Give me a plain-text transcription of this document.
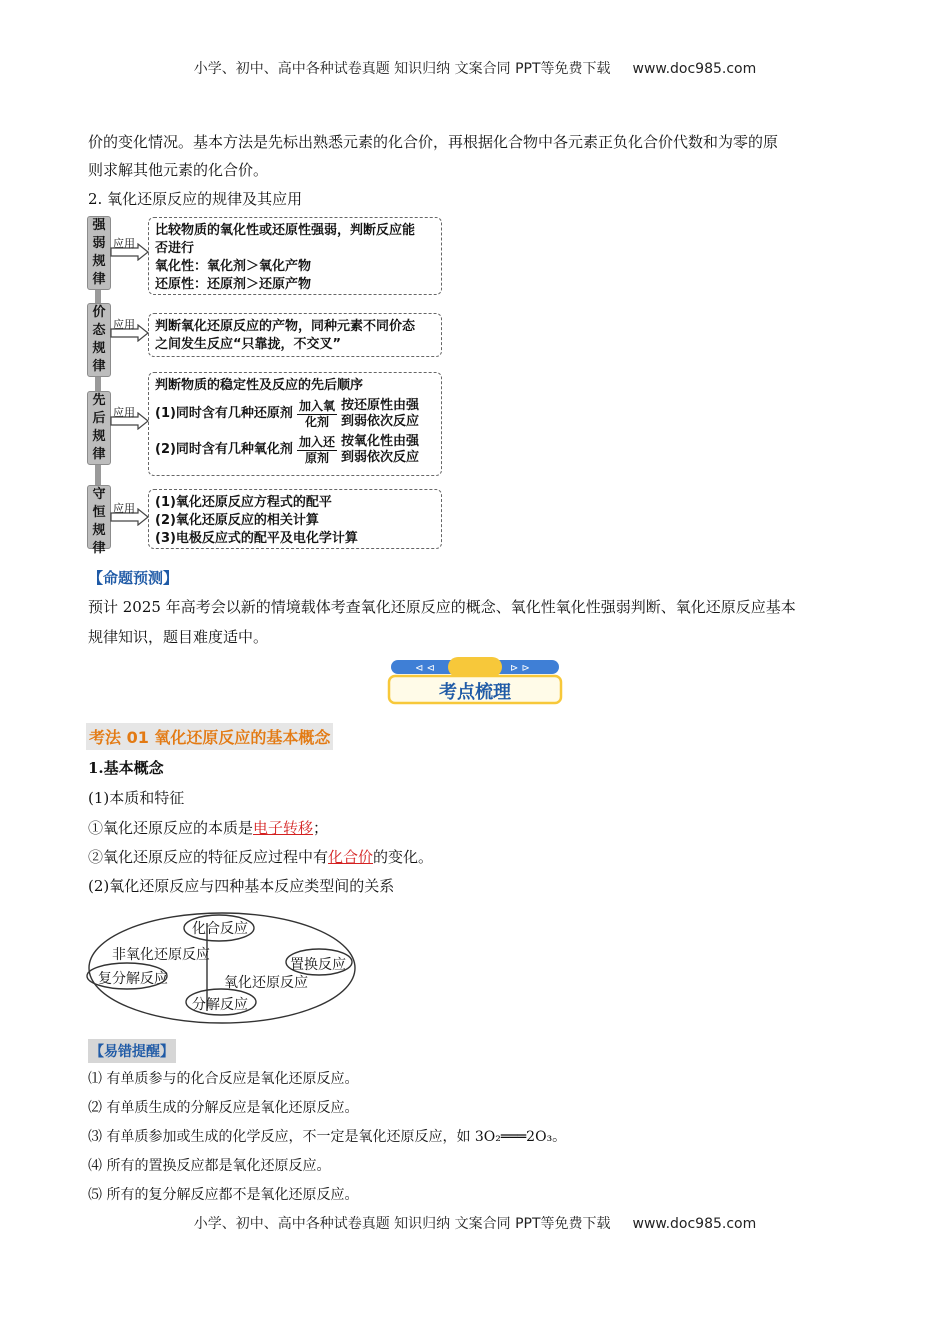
小学、初中、高中各种试卷真题 知识归纳 文案合同 PPT等免费下载 www.doc985.com
价的变化情况。基本方法是先标出熟悉元素的化合价，再根据化合物中各元素正负化合价代数和为零的原
则求解其他元素的化合价。
2. 氧化还原反应的规律及其应用
强弱规律
应用
比较物质的氧化性或还原性强弱，判断反应能
否进行
氧化性：氧化剂＞氧化产物
还原性：还原剂＞还原产物
价态规律
应用 判断氧化还原反应的产物，同种元素不同价态
之间发生反应“只靠拢，不交叉”
先后规律
应用
判断物质的稳定性及反应的先后顺序
(1)同时含有几种还原剂 $\frac{\text{加入氧}}{\text{化剂}}$ 按还原性由强
到弱依次反应
(2)同时含有几种氧化剂 $\frac{\text{加入还}}{\text{原剂}}$ 按氧化性由强
到弱依次反应
守恒规律
应用 (1)氧化还原反应方程式的配平
(2)氧化还原反应的相关计算
(3)电极反应式的配平及电化学计算
【命题预测】
预计 2025 年高考会以新的情境载体考查氧化还原反应的概念、氧化性氧化性强弱判断、氧化还原反应基本
规律知识，题目难度适中。
⊲ ⊲	⊳ ⊳
考点梳理
考法 01 氧化还原反应的基本概念
1.基本概念
(1)本质和特征
①氧化还原反应的本质是电子转移；
②氧化还原反应的特征反应过程中有化合价的变化。
(2)氧化还原反应与四种基本反应类型间的关系
化合反应
非氧化还原反应
复分解反应
置换反应
氧化还原反应
分解反应
【易错提醒】
⑴ 有单质参与的化合反应是氧化还原反应。
⑵ 有单质生成的分解反应是氧化还原反应。
⑶ 有单质参加或生成的化学反应，不一定是氧化还原反应，如 3O₂═══2O₃。
⑷ 所有的置换反应都是氧化还原反应。
⑸ 所有的复分解反应都不是氧化还原反应。
小学、初中、高中各种试卷真题 知识归纳 文案合同 PPT等免费下载 www.doc985.com
